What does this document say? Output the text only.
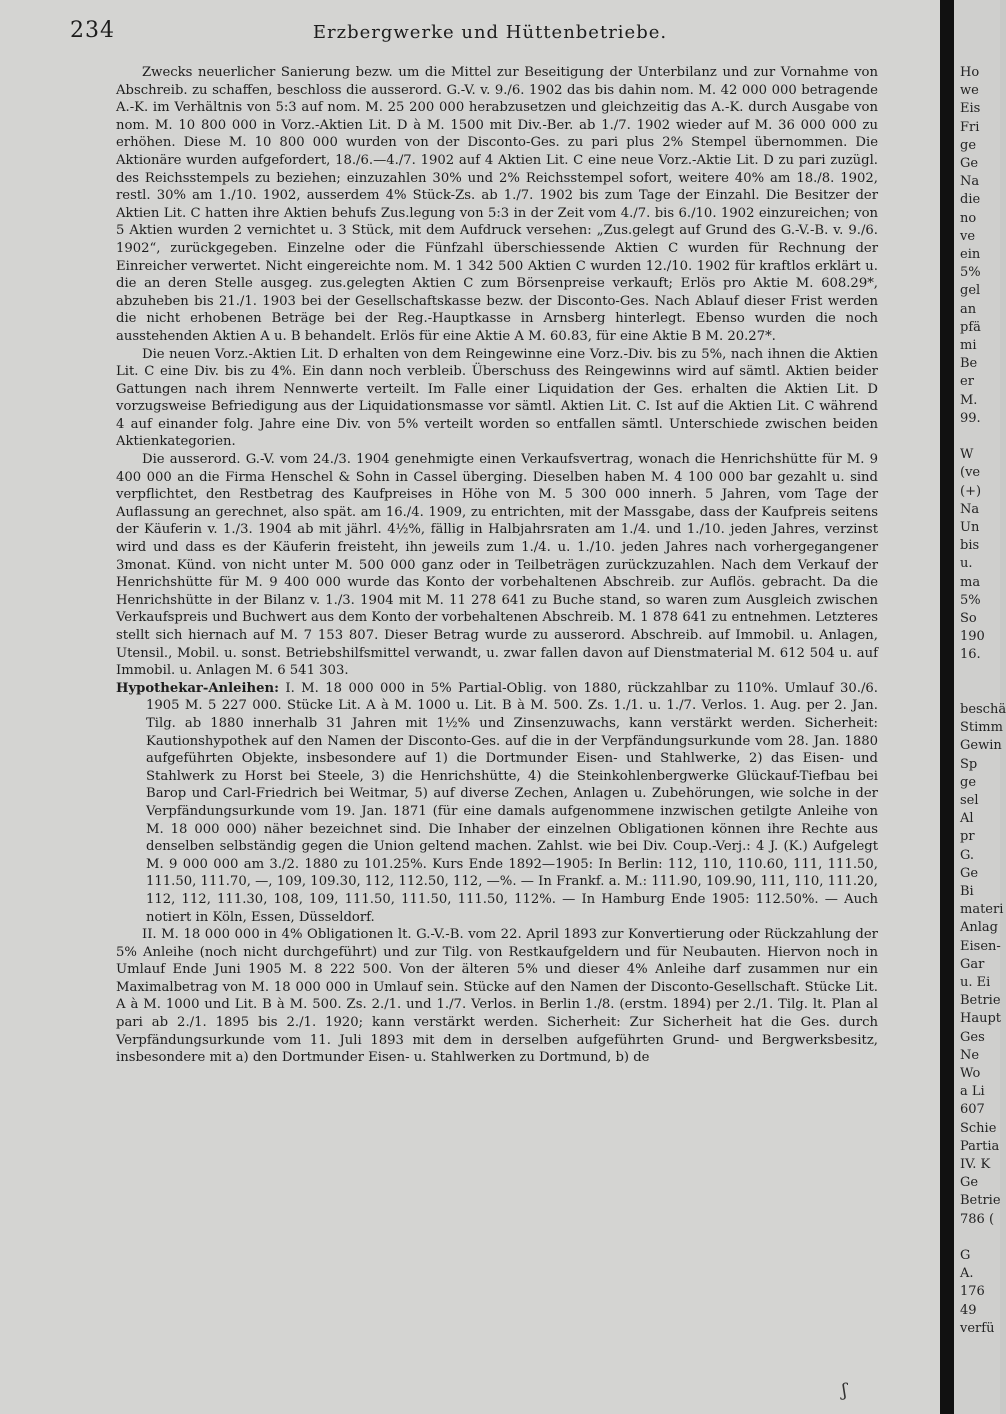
234	Erzbergwerke und Hüttenbetriebe.

Zwecks neuerlicher Sanierung bezw. um die Mittel zur Beseitigung der Unterbilanz und zur Vornahme von Abschreib. zu schaffen, beschloss die ausserord. G.-V. v. 9./6. 1902 das bis dahin nom. M. 42 000 000 betragende A.-K. im Verhältnis von 5:3 auf nom. M. 25 200 000 herabzusetzen und gleichzeitig das A.-K. durch Ausgabe von nom. M. 10 800 000 in Vorz.-Aktien Lit. D à M. 1500 mit Div.-Ber. ab 1./7. 1902 wieder auf M. 36 000 000 zu erhöhen. Diese M. 10 800 000 wurden von der Disconto-Ges. zu pari plus 2% Stempel übernommen. Die Aktionäre wurden aufgefordert, 18./6.—4./7. 1902 auf 4 Aktien Lit. C eine neue Vorz.-Aktie Lit. D zu pari zuzügl. des Reichsstempels zu beziehen; einzuzahlen 30% und 2% Reichsstempel sofort, weitere 40% am 18./8. 1902, restl. 30% am 1./10. 1902, ausserdem 4% Stück-Zs. ab 1./7. 1902 bis zum Tage der Einzahl. Die Besitzer der Aktien Lit. C hatten ihre Aktien behufs Zus.legung von 5:3 in der Zeit vom 4./7. bis 6./10. 1902 einzureichen; von 5 Aktien wurden 2 vernichtet u. 3 Stück, mit dem Aufdruck versehen: „Zus.gelegt auf Grund des G.-V.-B. v. 9./6. 1902“, zurückgegeben. Einzelne oder die Fünfzahl überschiessende Aktien C wurden für Rechnung der Einreicher verwertet. Nicht eingereichte nom. M. 1 342 500 Aktien C wurden 12./10. 1902 für kraftlos erklärt u. die an deren Stelle ausgeg. zus.gelegten Aktien C zum Börsenpreise verkauft; Erlös pro Aktie M. 608.29*, abzuheben bis 21./1. 1903 bei der Gesellschaftskasse bezw. der Disconto-Ges. Nach Ablauf dieser Frist werden die nicht erhobenen Beträge bei der Reg.-Hauptkasse in Arnsberg hinterlegt. Ebenso wurden die noch ausstehenden Aktien A u. B behandelt. Erlös für eine Aktie A M. 60.83, für eine Aktie B M. 20.27*.

Die neuen Vorz.-Aktien Lit. D erhalten von dem Reingewinne eine Vorz.-Div. bis zu 5%, nach ihnen die Aktien Lit. C eine Div. bis zu 4%. Ein dann noch verbleib. Überschuss des Reingewinns wird auf sämtl. Aktien beider Gattungen nach ihrem Nennwerte verteilt. Im Falle einer Liquidation der Ges. erhalten die Aktien Lit. D vorzugsweise Befriedigung aus der Liquidationsmasse vor sämtl. Aktien Lit. C. Ist auf die Aktien Lit. C während 4 auf einander folg. Jahre eine Div. von 5% verteilt worden so entfallen sämtl. Unterschiede zwischen beiden Aktienkategorien.

Die ausserord. G.-V. vom 24./3. 1904 genehmigte einen Verkaufsvertrag, wonach die Henrichshütte für M. 9 400 000 an die Firma Henschel & Sohn in Cassel überging. Dieselben haben M. 4 100 000 bar gezahlt u. sind verpflichtet, den Restbetrag des Kaufpreises in Höhe von M. 5 300 000 innerh. 5 Jahren, vom Tage der Auflassung an gerechnet, also spät. am 16./4. 1909, zu entrichten, mit der Massgabe, dass der Kaufpreis seitens der Käuferin v. 1./3. 1904 ab mit jährl. 4½%, fällig in Halbjahrsraten am 1./4. und 1./10. jeden Jahres, verzinst wird und dass es der Käuferin freisteht, ihn jeweils zum 1./4. u. 1./10. jeden Jahres nach vorhergegangener 3monat. Künd. von nicht unter M. 500 000 ganz oder in Teilbeträgen zurückzuzahlen. Nach dem Verkauf der Henrichshütte für M. 9 400 000 wurde das Konto der vorbehaltenen Abschreib. zur Auflös. gebracht. Da die Henrichshütte in der Bilanz v. 1./3. 1904 mit M. 11 278 641 zu Buche stand, so waren zum Ausgleich zwischen Verkaufspreis und Buchwert aus dem Konto der vorbehaltenen Abschreib. M. 1 878 641 zu entnehmen. Letzteres stellt sich hiernach auf M. 7 153 807. Dieser Betrag wurde zu ausserord. Abschreib. auf Immobil. u. Anlagen, Utensil., Mobil. u. sonst. Betriebshilfsmittel verwandt, u. zwar fallen davon auf Dienstmaterial M. 612 504 u. auf Immobil. u. Anlagen M. 6 541 303.

Hypothekar-Anleihen: I. M. 18 000 000 in 5% Partial-Oblig. von 1880, rückzahlbar zu 110%. Umlauf 30./6. 1905 M. 5 227 000. Stücke Lit. A à M. 1000 u. Lit. B à M. 500. Zs. 1./1. u. 1./7. Verlos. 1. Aug. per 2. Jan. Tilg. ab 1880 innerhalb 31 Jahren mit 1½% und Zinsenzuwachs, kann verstärkt werden. Sicherheit: Kautionshypothek auf den Namen der Disconto-Ges. auf die in der Verpfändungsurkunde vom 28. Jan. 1880 aufgeführten Objekte, insbesondere auf 1) die Dortmunder Eisen- und Stahlwerke, 2) das Eisen- und Stahlwerk zu Horst bei Steele, 3) die Henrichshütte, 4) die Steinkohlenbergwerke Glückauf-Tiefbau bei Barop und Carl-Friedrich bei Weitmar, 5) auf diverse Zechen, Anlagen u. Zubehörungen, wie solche in der Verpfändungsurkunde vom 19. Jan. 1871 (für eine damals aufgenommene inzwischen getilgte Anleihe von M. 18 000 000) näher bezeichnet sind. Die Inhaber der einzelnen Obligationen können ihre Rechte aus denselben selbständig gegen die Union geltend machen. Zahlst. wie bei Div. Coup.-Verj.: 4 J. (K.) Aufgelegt M. 9 000 000 am 3./2. 1880 zu 101.25%. Kurs Ende 1892—1905: In Berlin: 112, 110, 110.60, 111, 111.50, 111.50, 111.70, —, 109, 109.30, 112, 112.50, 112, —%. — In Frankf. a. M.: 111.90, 109.90, 111, 110, 111.20, 112, 112, 111.30, 108, 109, 111.50, 111.50, 111.50, 112%. — In Hamburg Ende 1905: 112.50%. — Auch notiert in Köln, Essen, Düsseldorf.

II. M. 18 000 000 in 4% Obligationen lt. G.-V.-B. vom 22. April 1893 zur Konvertierung oder Rückzahlung der 5% Anleihe (noch nicht durchgeführt) und zur Tilg. von Restkaufgeldern und für Neubauten. Hiervon noch in Umlauf Ende Juni 1905 M. 8 222 500. Von der älteren 5% und dieser 4% Anleihe darf zusammen nur ein Maximalbetrag von M. 18 000 000 in Umlauf sein. Stücke auf den Namen der Disconto-Gesellschaft. Stücke Lit. A à M. 1000 und Lit. B à M. 500. Zs. 2./1. und 1./7. Verlos. in Berlin 1./8. (erstm. 1894) per 2./1. Tilg. lt. Plan al pari ab 2./1. 1895 bis 2./1. 1920; kann verstärkt werden. Sicherheit: Zur Sicherheit hat die Ges. durch Verpfändungsurkunde vom 11. Juli 1893 mit dem in derselben aufgeführten Grund- und Bergwerksbesitz, insbesondere mit a) den Dortmunder Eisen- u. Stahlwerken zu Dortmund, b) de

ʃ
Ho
we
Eis
Fri
ge
Ge
Na
die
no
ve
ein
5%
gel
an
pfä
mi
Be
er
M.
99.
W
(ve
(+)
Na
Un
bis
u.
ma
5%
So
190
16.
beschä
Stimm
Gewin
Sp
ge
sel
Al
pr
G.
Ge
Bi
materi
Anlag
Eisen-
Gar
u. Ei
Betrie
Haupt
Ges
Ne
Wo
a Li
607
Schie
Partia
IV. K
Ge
Betrie
786 (
G
A.
176
49
verfü
